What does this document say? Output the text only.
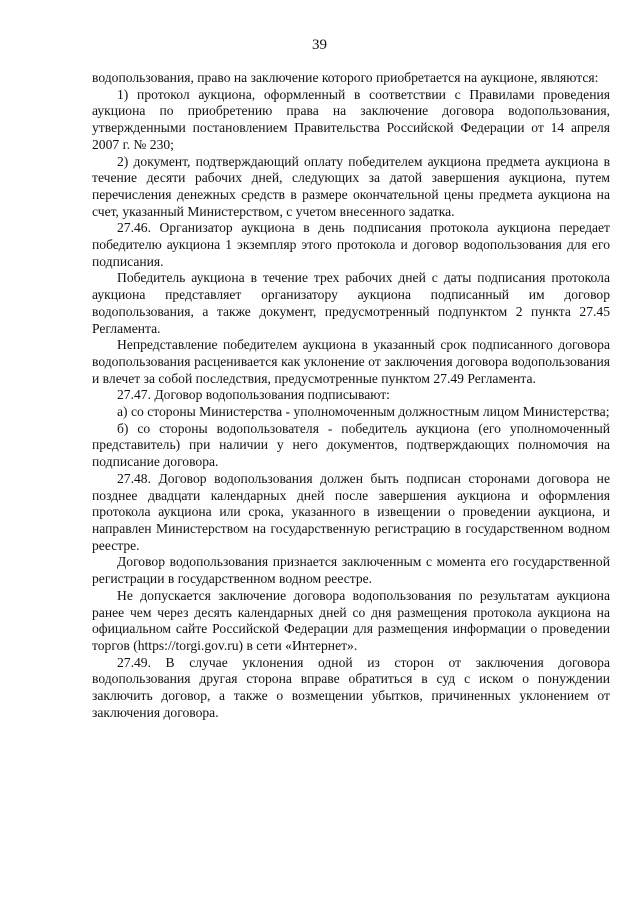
39

водопользования, право на заключение которого приобретается на аукционе, являются:

1) протокол аукциона, оформленный в соответствии с Правилами проведения аукциона по приобретению права на заключение договора водопользования, утвержденными постановлением Правительства Российской Федерации от 14 апреля 2007 г. № 230;

2) документ, подтверждающий оплату победителем аукциона предмета аукциона в течение десяти рабочих дней, следующих за датой завершения аукциона, путем перечисления денежных средств в размере окончательной цены предмета аукциона на счет, указанный Министерством, с учетом внесенного задатка.

27.46. Организатор аукциона в день подписания протокола аукциона передает победителю аукциона 1 экземпляр этого протокола и договор водопользования для его подписания.

Победитель аукциона в течение трех рабочих дней с даты подписания протокола аукциона представляет организатору аукциона подписанный им договор водопользования, а также документ, предусмотренный подпунктом 2 пункта 27.45 Регламента.

Непредставление победителем аукциона в указанный срок подписанного договора водопользования расценивается как уклонение от заключения договора водопользования и влечет за собой последствия, предусмотренные пунктом 27.49 Регламента.

27.47. Договор водопользования подписывают:

а) со стороны Министерства - уполномоченным должностным лицом Министерства;

б) со стороны водопользователя - победитель аукциона (его уполномоченный представитель) при наличии у него документов, подтверждающих полномочия на подписание договора.

27.48. Договор водопользования должен быть подписан сторонами договора не позднее двадцати календарных дней после завершения аукциона и оформления протокола аукциона или срока, указанного в извещении о проведении аукциона, и направлен Министерством на государственную регистрацию в государственном водном реестре.

Договор водопользования признается заключенным с момента его государственной регистрации в государственном водном реестре.

Не допускается заключение договора водопользования по результатам аукциона ранее чем через десять календарных дней со дня размещения протокола аукциона на официальном сайте Российской Федерации для размещения информации о проведении торгов (https://torgi.gov.ru) в сети «Интернет».

27.49. В случае уклонения одной из сторон от заключения договора водопользования другая сторона вправе обратиться в суд с иском о понуждении заключить договор, а также о возмещении убытков, причиненных уклонением от заключения договора.
